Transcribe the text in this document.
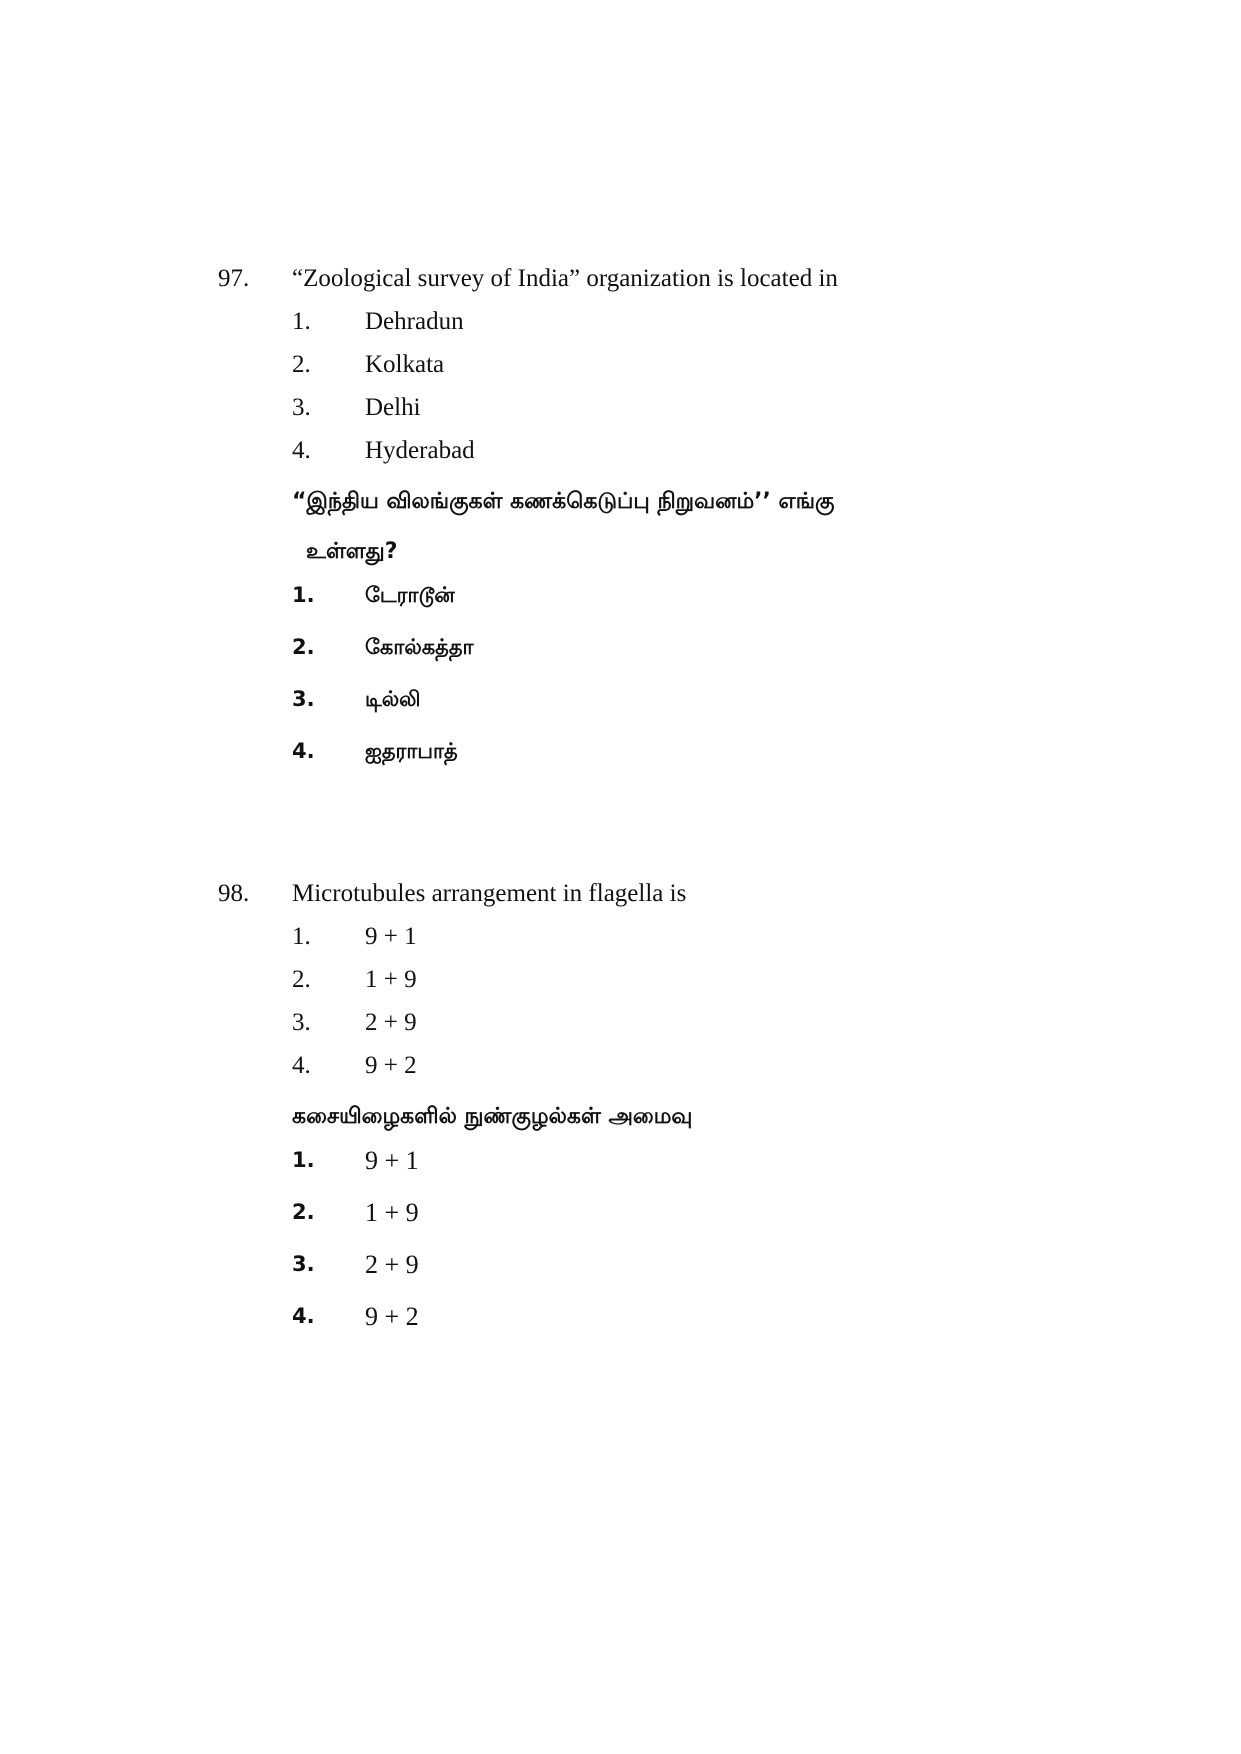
97. “Zoological survey of India” organization is located in
1. Dehradun
2. Kolkata
3. Delhi
4. Hyderabad
“இந்திய விலங்குகள் கணக்கெடுப்பு நிறுவனம்’’ எங்கு
உள்ளது?
1. டேராடூன்
2. கோல்கத்தா
3. டில்லி
4. ஐதராபாத்
98. Microtubules arrangement in flagella is
1. 9 + 1
2. 1 + 9
3. 2 + 9
4. 9 + 2
கசையிழைகளில் நுண்குழல்கள் அமைவு
1. 9 + 1
2. 1 + 9
3. 2 + 9
4. 9 + 2
